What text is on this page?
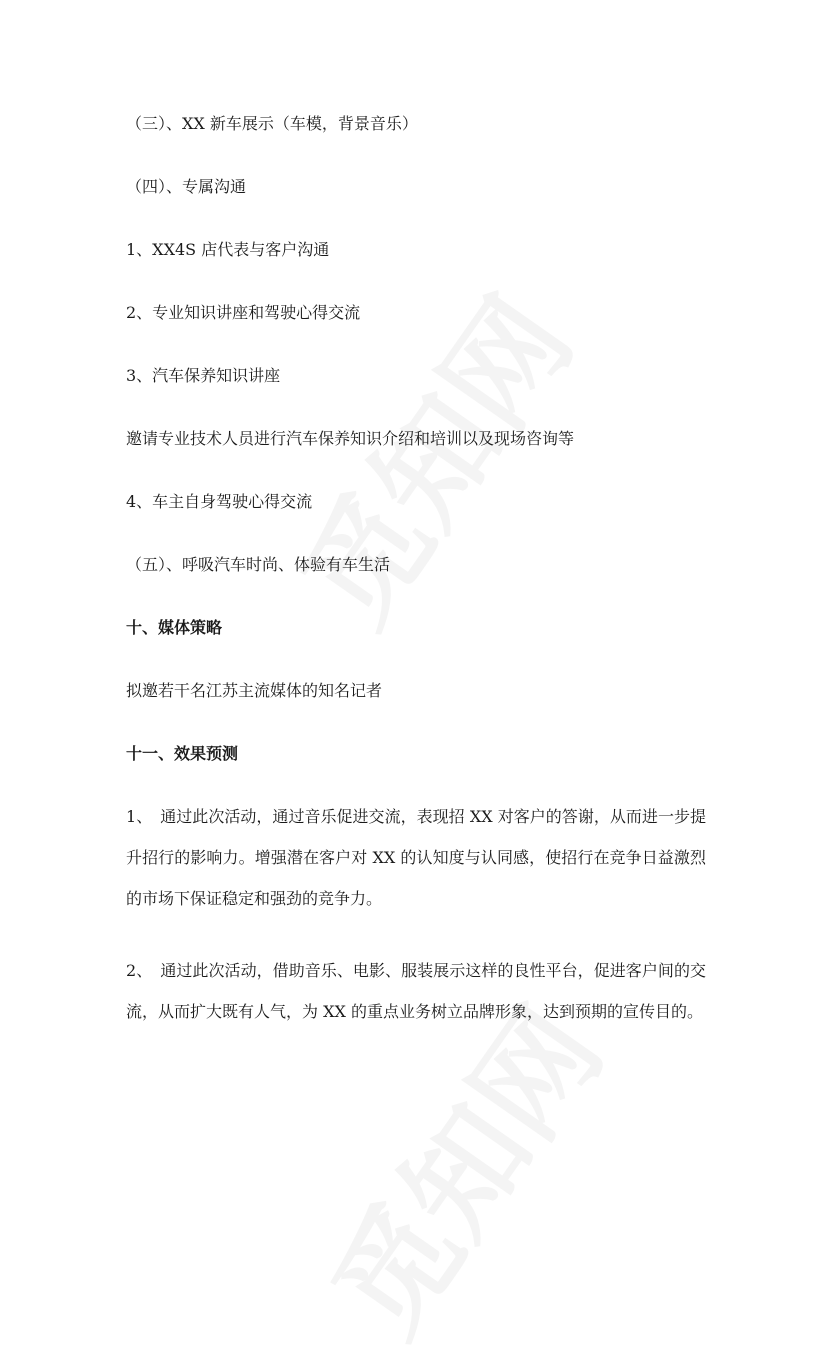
（三）、XX 新车展示（车模，背景音乐）

（四）、专属沟通

1、XX4S 店代表与客户沟通

2、专业知识讲座和驾驶心得交流

3、汽车保养知识讲座

邀请专业技术人员进行汽车保养知识介绍和培训以及现场咨询等

4、车主自身驾驶心得交流

（五）、呼吸汽车时尚、体验有车生活

十、媒体策略

拟邀若干名江苏主流媒体的知名记者

十一、效果预测

1、　通过此次活动，通过音乐促进交流，表现招 XX 对客户的答谢，从而进一步提升招行的影响力。增强潜在客户对 XX 的认知度与认同感，使招行在竞争日益激烈的市场下保证稳定和强劲的竞争力。

2、　通过此次活动，借助音乐、电影、服装展示这样的良性平台，促进客户间的交流，从而扩大既有人气，为 XX 的重点业务树立品牌形象，达到预期的宣传目的。
